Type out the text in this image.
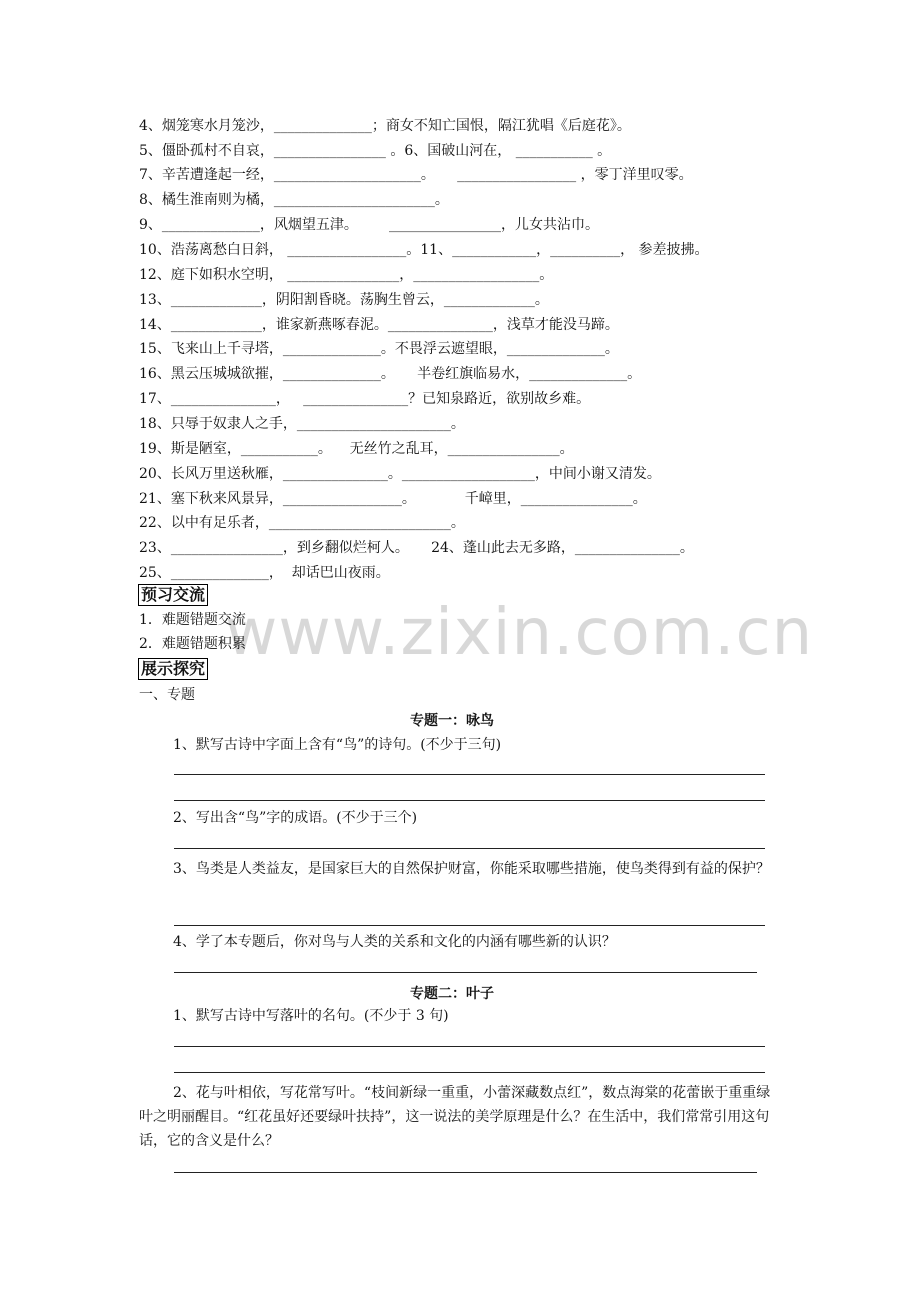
4、烟笼寒水月笼沙，______________；商女不知亡国恨，隔江犹唱《后庭花》。
5、僵卧孤村不自哀，________________ 。6、国破山河在， ___________ 。
7、辛苦遭逢起一经，_____________________。     _________________ ，零丁洋里叹零。
8、橘生淮南则为橘，_______________________。
9、______________，风烟望五津。       ________________，儿女共沾巾。
10、浩荡离愁白日斜， _________________。11、____________，__________， 参差披拂。
12、庭下如积水空明， ________________，__________________。
13、_____________，阴阳割昏晓。荡胸生曾云，_____________。
14、_____________，谁家新燕啄春泥。_______________，浅草才能没马蹄。
15、飞来山上千寻塔，______________。不畏浮云遮望眼，______________。
16、黑云压城城欲摧，______________。     半卷红旗临易水，______________。
17、_______________，   _______________？已知泉路近，欲别故乡难。
18、只辱于奴隶人之手，______________________。
19、斯是陋室，___________。    无丝竹之乱耳，________________。
20、长风万里送秋雁，_______________。___________________，中间小谢又清发。
21、塞下秋来风景异，_________________。           千嶂里，________________。
22、以中有足乐者，__________________________。
23、________________，到乡翻似烂柯人。     24、蓬山此去无多路，_______________。
25、______________，  却话巴山夜雨。
www.zixin.com.cn
预习交流
1．难题错题交流
2．难题错题积累
展示探究
一、专题
专题一：咏鸟
1、默写古诗中字面上含有“鸟”的诗句。(不少于三句)
2、写出含“鸟”字的成语。(不少于三个)
3、鸟类是人类益友，是国家巨大的自然保护财富，你能采取哪些措施，使鸟类得到有益的保护？
4、学了本专题后，你对鸟与人类的关系和文化的内涵有哪些新的认识？
专题二：叶子
1、默写古诗中写落叶的名句。(不少于 3 句)
2、花与叶相依，写花常写叶。“枝间新绿一重重，小蕾深藏数点红”，数点海棠的花蕾嵌于重重绿叶之明丽醒目。“红花虽好还要绿叶扶持”，这一说法的美学原理是什么？在生活中，我们常常引用这句话，它的含义是什么？
